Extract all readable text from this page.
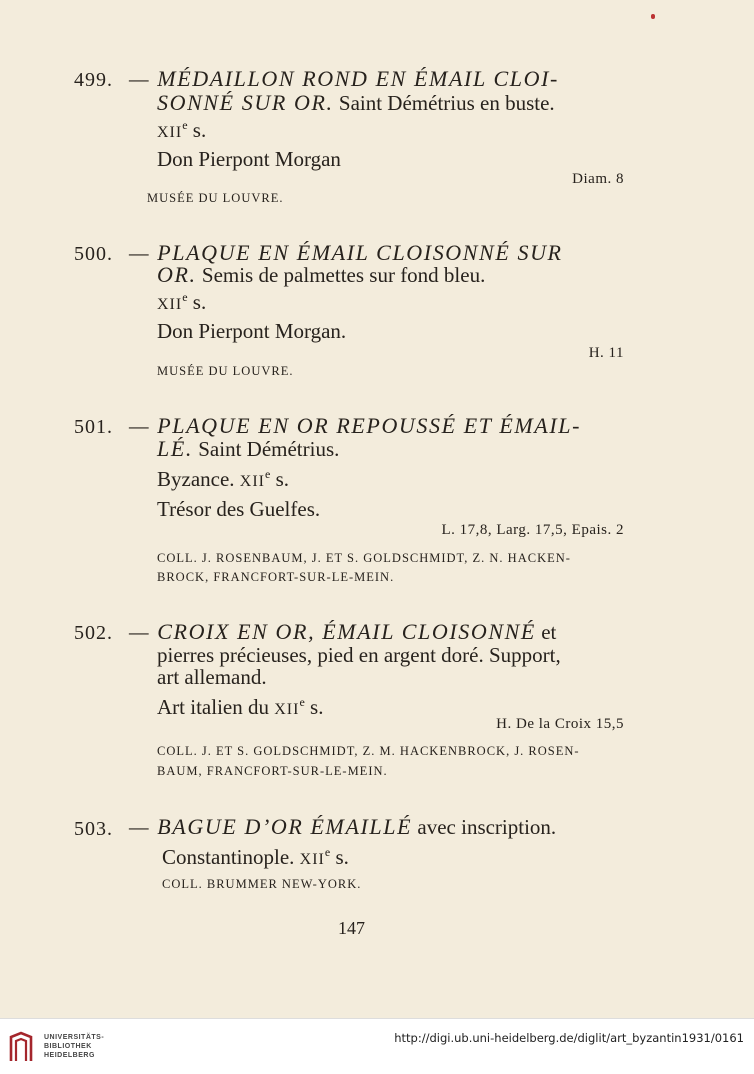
499. — MÉDAILLON ROND EN ÉMAIL CLOI-
SONNÉ SUR OR. Saint Démétrius en buste.
XIIe s.
Don Pierpont Morgan
Diam. 8
MUSÉE DU LOUVRE.
500. — PLAQUE EN ÉMAIL CLOISONNÉ SUR
OR. Semis de palmettes sur fond bleu.
XIIe s.
Don Pierpont Morgan.
H. 11
MUSÉE DU LOUVRE.
501. — PLAQUE EN OR REPOUSSÉ ET ÉMAIL-
LÉ. Saint Démétrius.
Byzance. XIIe s.
Trésor des Guelfes.
L. 17,8, Larg. 17,5, Epais. 2
COLL. J. ROSENBAUM, J. ET S. GOLDSCHMIDT, Z. N. HACKEN-
BROCK, FRANCFORT-SUR-LE-MEIN.
502. — CROIX EN OR, ÉMAIL CLOISONNÉ et
pierres précieuses, pied en argent doré. Support,
art allemand.
Art italien du XIIe s.
H. De la Croix 15,5
COLL. J. ET S. GOLDSCHMIDT, Z. M. HACKENBROCK, J. ROSEN-
BAUM, FRANCFORT-SUR-LE-MEIN.
503. — BAGUE D’OR ÉMAILLÉ avec inscription.
Constantinople. XIIe s.
COLL. BRUMMER NEW-YORK.
147
UNIVERSITÄTS-
BIBLIOTHEK
HEIDELBERG
http://digi.ub.uni-heidelberg.de/diglit/art_byzantin1931/0161
